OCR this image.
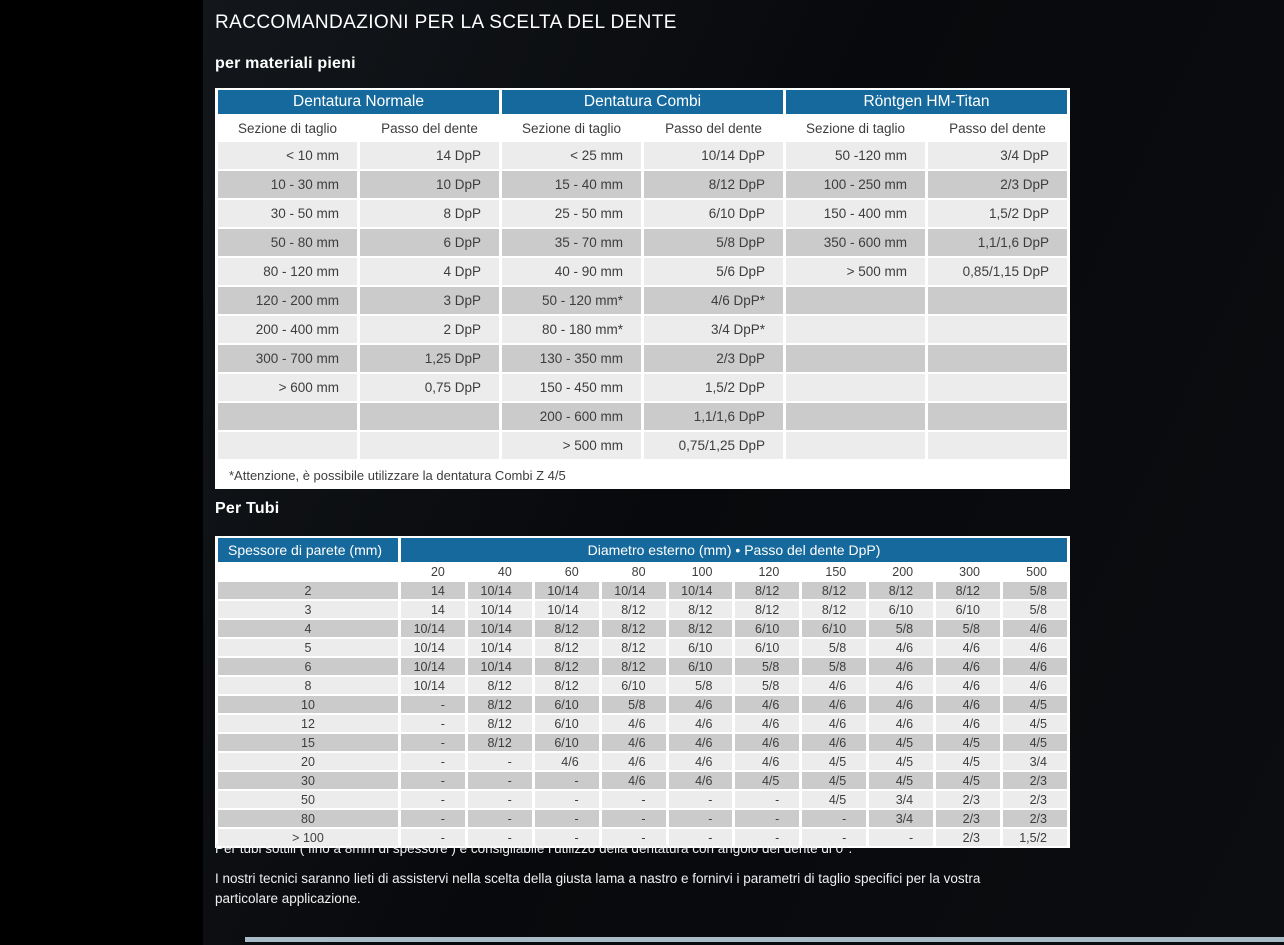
RACCOMANDAZIONI PER LA SCELTA DEL DENTE
per materiali pieni
Dentatura Normale		Dentatura Combi		Röntgen HM-Titan	
Sezione di taglio	Passo del dente	Sezione di taglio	Passo del dente	Sezione di taglio	Passo del dente
< 10 mm	14 DpP	< 25 mm	10/14 DpP	50 -120 mm	3/4 DpP
10 - 30 mm	10 DpP	15 - 40 mm	8/12 DpP	100 - 250 mm	2/3 DpP
30 - 50 mm	8 DpP	25 - 50 mm	6/10 DpP	150 - 400 mm	1,5/2 DpP
50 - 80 mm	6 DpP	35 - 70 mm	5/8 DpP	350 - 600 mm	1,1/1,6 DpP
80 - 120 mm	4 DpP	40 - 90 mm	5/6 DpP	> 500 mm	0,85/1,15 DpP
120 - 200 mm	3 DpP	50 - 120 mm*	4/6 DpP*		
200 - 400 mm	2 DpP	80 - 180 mm*	3/4 DpP*		
300 - 700 mm	1,25 DpP	130 - 350 mm	2/3 DpP		
> 600 mm	0,75 DpP	150 - 450 mm	1,5/2 DpP		
		200 - 600 mm	1,1/1,6 DpP		
		> 500 mm	0,75/1,25 DpP		
*Attenzione, è possibile utilizzare la dentatura Combi Z 4/5
Per Tubi
Spessore di parete (mm)	Diametro esterno (mm) • Passo del dente DpP)									
	20	40	60	80	100	120	150	200	300	500
2	14	10/14	10/14	10/14	10/14	8/12	8/12	8/12	8/12	5/8
3	14	10/14	10/14	8/12	8/12	8/12	8/12	6/10	6/10	5/8
4	10/14	10/14	8/12	8/12	8/12	6/10	6/10	5/8	5/8	4/6
5	10/14	10/14	8/12	8/12	6/10	6/10	5/8	4/6	4/6	4/6
6	10/14	10/14	8/12	8/12	6/10	5/8	5/8	4/6	4/6	4/6
8	10/14	8/12	8/12	6/10	5/8	5/8	4/6	4/6	4/6	4/6
10	-	8/12	6/10	5/8	4/6	4/6	4/6	4/6	4/6	4/5
12	-	8/12	6/10	4/6	4/6	4/6	4/6	4/6	4/6	4/5
15	-	8/12	6/10	4/6	4/6	4/6	4/6	4/5	4/5	4/5
20	-	-	4/6	4/6	4/6	4/6	4/5	4/5	4/5	3/4
30	-	-	-	4/6	4/6	4/5	4/5	4/5	4/5	2/3
50	-	-	-	-	-	-	4/5	3/4	2/3	2/3
80	-	-	-	-	-	-	-	3/4	2/3	2/3
> 100	-	-	-	-	-	-	-	-	2/3	1,5/2

Per tubi sottili ( fino a 8mm di spessore ) è consigliabile l‘utilizzo della dentatura con angolo del dente di 0°.

I nostri tecnici saranno lieti di assistervi nella scelta della giusta lama a nastro e fornirvi i parametri di taglio specifici per la vostra particolare applicazione.
